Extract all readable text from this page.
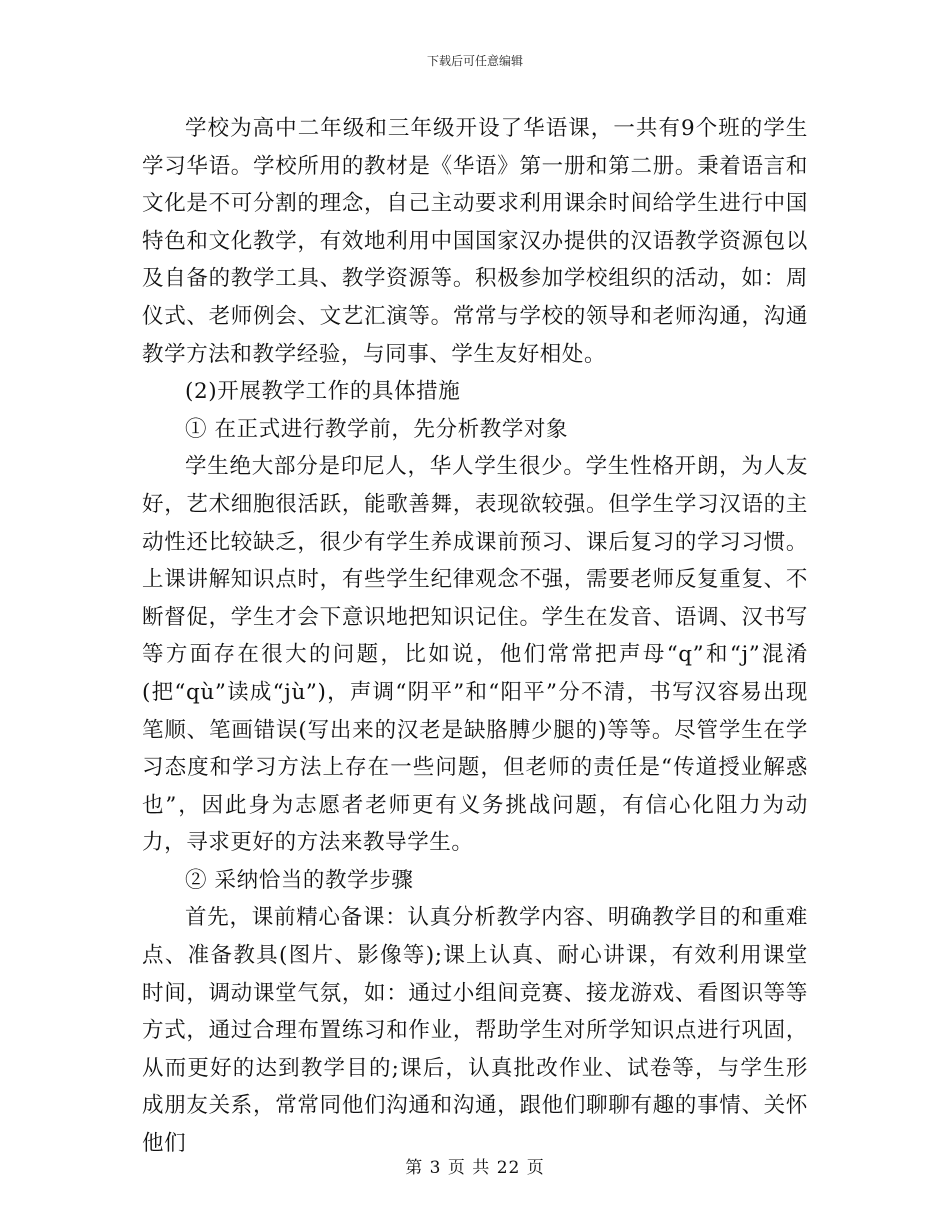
下载后可任意编辑

学校为高中二年级和三年级开设了华语课，一共有9个班的学生学习华语。学校所用的教材是《华语》第一册和第二册。秉着语言和文化是不可分割的理念，自己主动要求利用课余时间给学生进行中国特色和文化教学，有效地利用中国国家汉办提供的汉语教学资源包以及自备的教学工具、教学资源等。积极参加学校组织的活动，如：周仪式、老师例会、文艺汇演等。常常与学校的领导和老师沟通，沟通教学方法和教学经验，与同事、学生友好相处。

(2)开展教学工作的具体措施

① 在正式进行教学前，先分析教学对象

学生绝大部分是印尼人，华人学生很少。学生性格开朗，为人友好，艺术细胞很活跃，能歌善舞，表现欲较强。但学生学习汉语的主动性还比较缺乏，很少有学生养成课前预习、课后复习的学习习惯。上课讲解知识点时，有些学生纪律观念不强，需要老师反复重复、不断督促，学生才会下意识地把知识记住。学生在发音、语调、汉书写等方面存在很大的问题，比如说，他们常常把声母“q”和“j”混淆(把“qù”读成“jù”)，声调“阴平”和“阳平”分不清，书写汉容易出现笔顺、笔画错误(写出来的汉老是缺胳膊少腿的)等等。尽管学生在学习态度和学习方法上存在一些问题，但老师的责任是“传道授业解惑也”，因此身为志愿者老师更有义务挑战问题，有信心化阻力为动力，寻求更好的方法来教导学生。

② 采纳恰当的教学步骤

首先，课前精心备课：认真分析教学内容、明确教学目的和重难点、准备教具(图片、影像等);课上认真、耐心讲课，有效利用课堂时间，调动课堂气氛，如：通过小组间竞赛、接龙游戏、看图识等等方式，通过合理布置练习和作业，帮助学生对所学知识点进行巩固，从而更好的达到教学目的;课后，认真批改作业、试卷等，与学生形成朋友关系，常常同他们沟通和沟通，跟他们聊聊有趣的事情、关怀他们

第 3 页 共 22 页
